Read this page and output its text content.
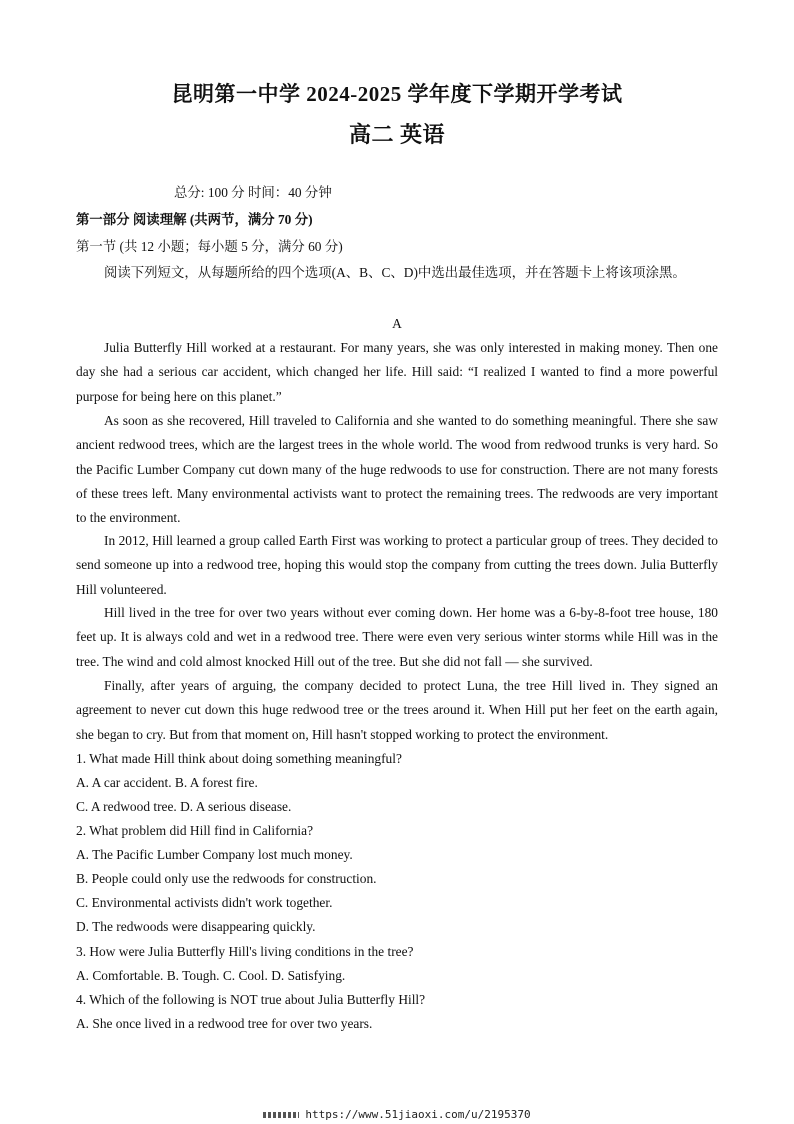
昆明第一中学 2024-2025 学年度下学期开学考试
高二 英语
总分: 100 分 时间：40 分钟
第一部分 阅读理解 (共两节，满分 70 分)
第一节 (共 12 小题；每小题 5 分，满分 60 分)
阅读下列短文，从每题所给的四个选项(A、B、C、D)中选出最佳选项，并在答题卡上将该项涂黑。
A
Julia Butterfly Hill worked at a restaurant. For many years, she was only interested in making money. Then one day she had a serious car accident, which changed her life. Hill said: “I realized I wanted to find a more powerful purpose for being here on this planet.”
As soon as she recovered, Hill traveled to California and she wanted to do something meaningful. There she saw ancient redwood trees, which are the largest trees in the whole world. The wood from redwood trunks is very hard. So the Pacific Lumber Company cut down many of the huge redwoods to use for construction. There are not many forests of these trees left. Many environmental activists want to protect the remaining trees. The redwoods are very important to the environment.
In 2012, Hill learned a group called Earth First was working to protect a particular group of trees. They decided to send someone up into a redwood tree, hoping this would stop the company from cutting the trees down. Julia Butterfly Hill volunteered.
Hill lived in the tree for over two years without ever coming down. Her home was a 6-by-8-foot tree house, 180 feet up. It is always cold and wet in a redwood tree. There were even very serious winter storms while Hill was in the tree. The wind and cold almost knocked Hill out of the tree. But she did not fall — she survived.
Finally, after years of arguing, the company decided to protect Luna, the tree Hill lived in. They signed an agreement to never cut down this huge redwood tree or the trees around it. When Hill put her feet on the earth again, she began to cry. But from that moment on, Hill hasn't stopped working to protect the environment.
1. What made Hill think about doing something meaningful?
A. A car accident. B. A forest fire.
C. A redwood tree. D. A serious disease.
2. What problem did Hill find in California?
A. The Pacific Lumber Company lost much money.
B. People could only use the redwoods for construction.
C. Environmental activists didn't work together.
D. The redwoods were disappearing quickly.
3. How were Julia Butterfly Hill's living conditions in the tree?
A. Comfortable. B. Tough. C. Cool. D. Satisfying.
4. Which of the following is NOT true about Julia Butterfly Hill?
A. She once lived in a redwood tree for over two years.
https://www.51jiaoxi.com/u/2195370
